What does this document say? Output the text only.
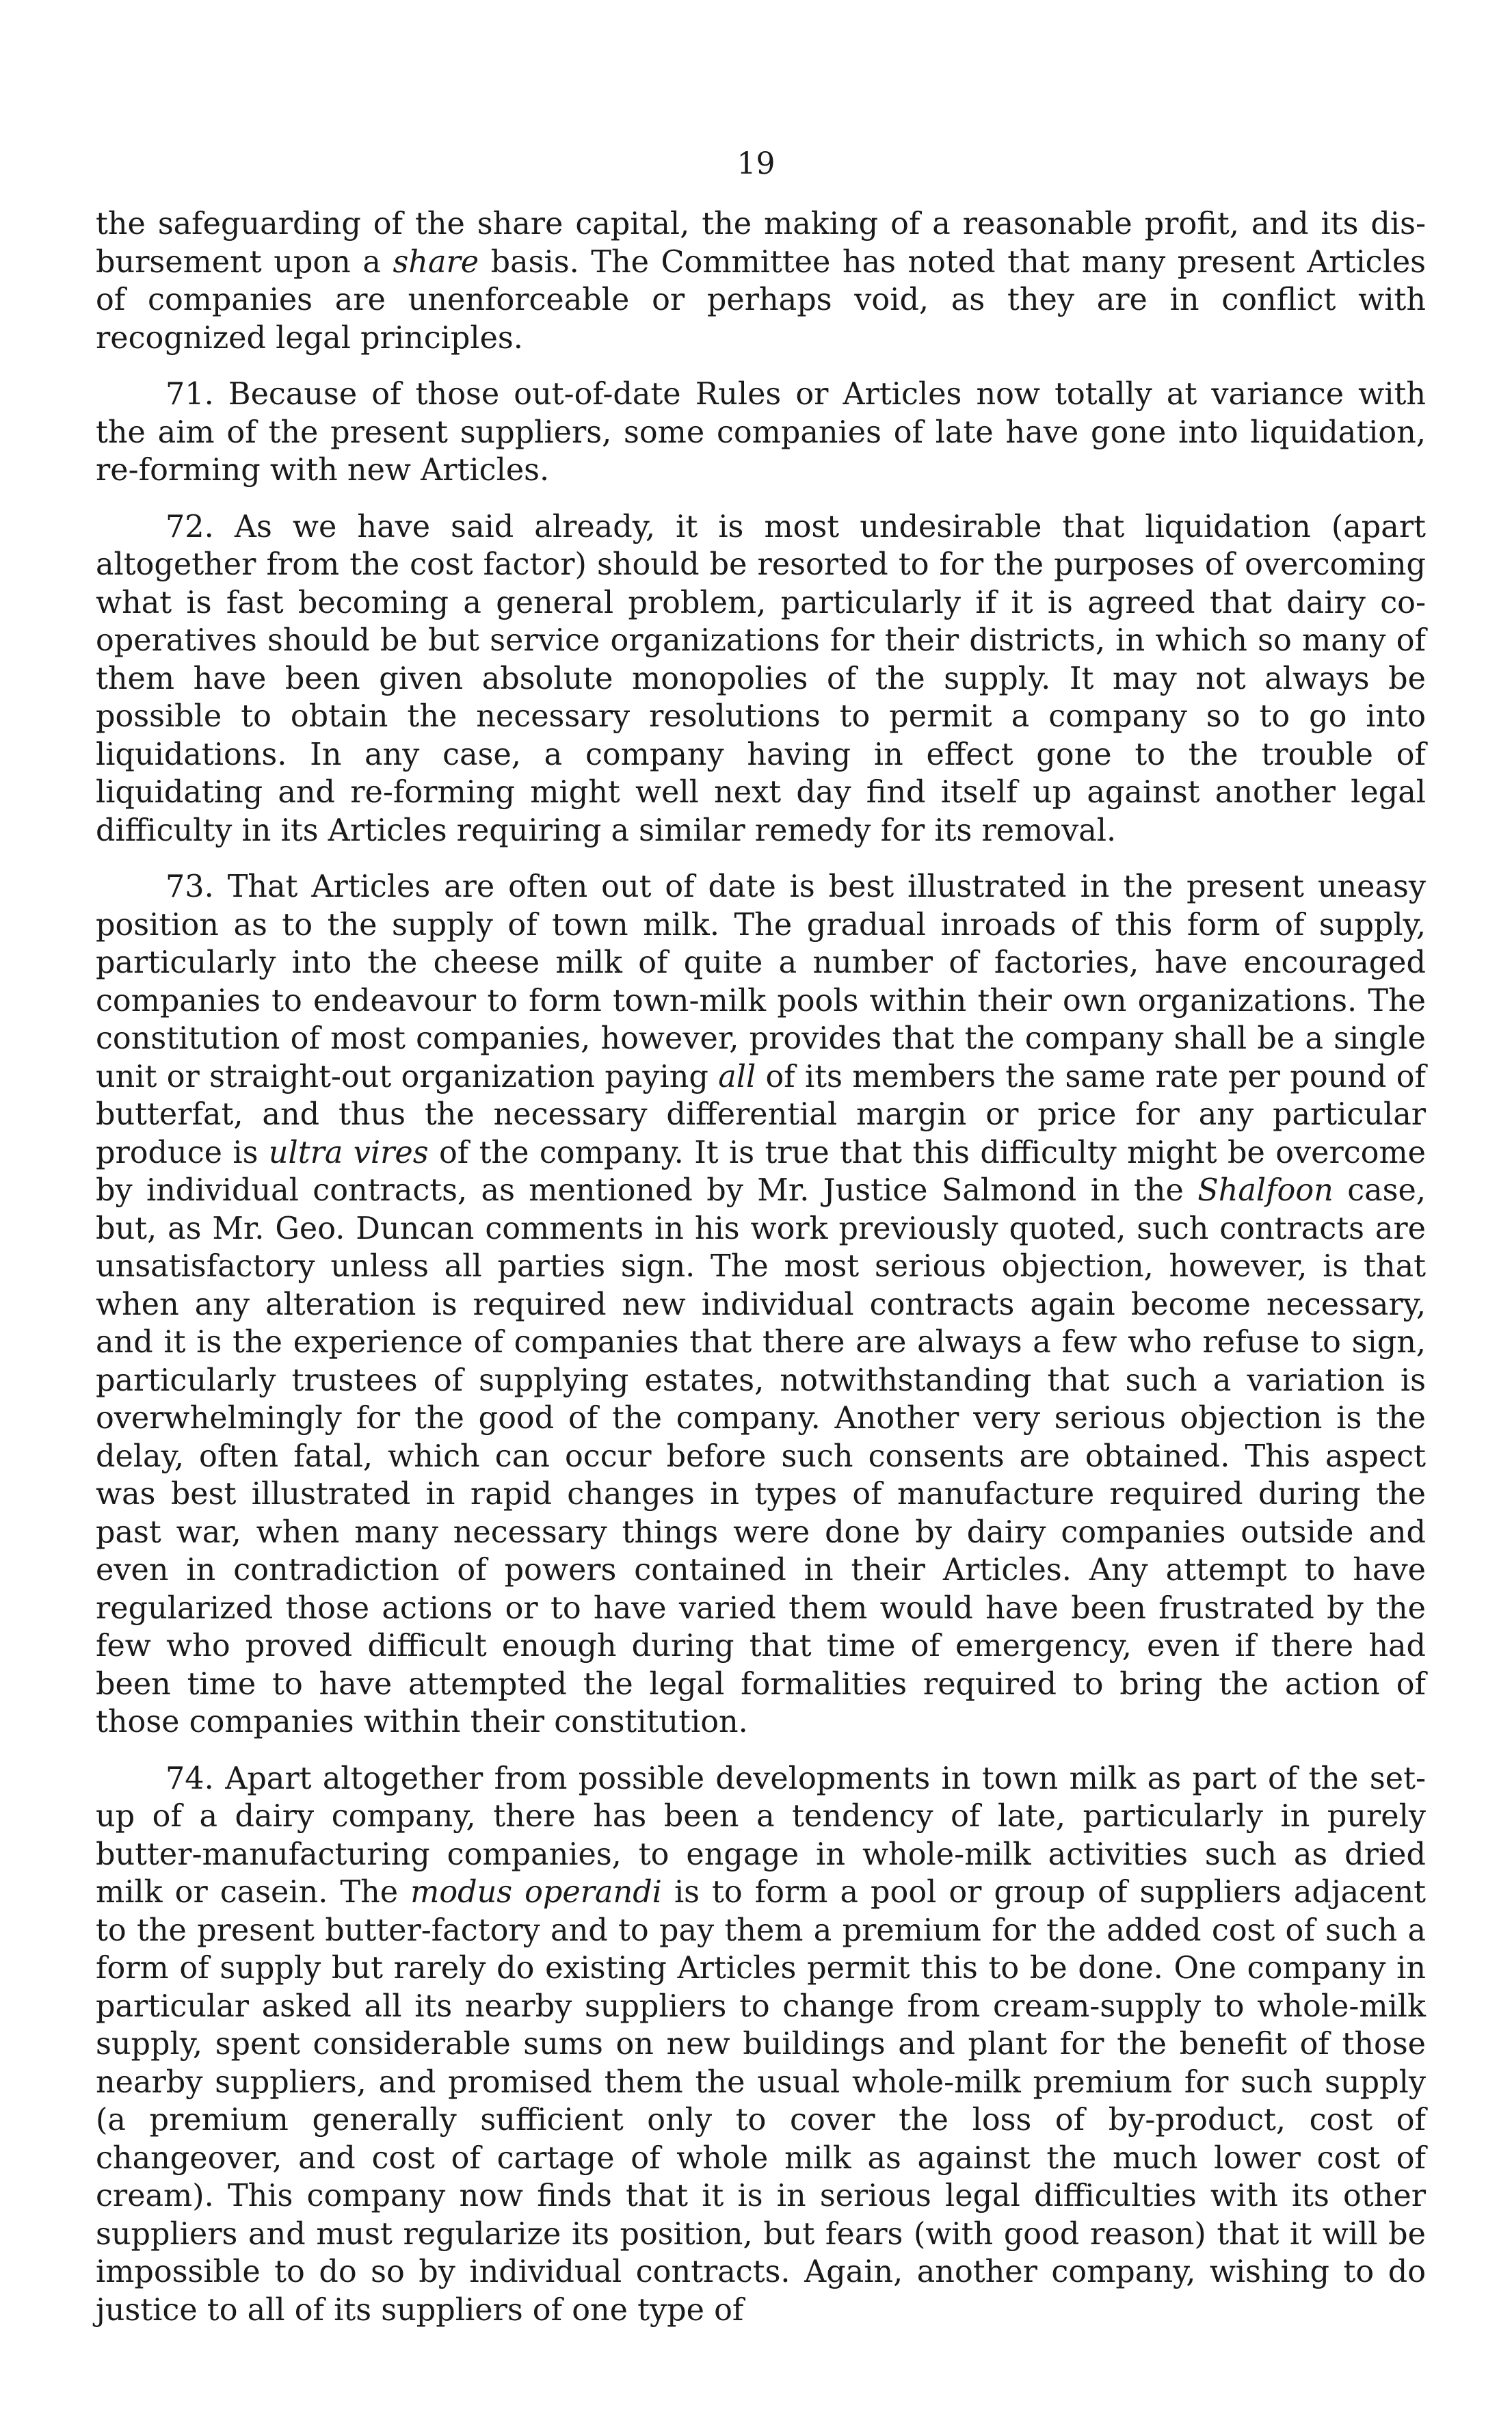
19

the safeguarding of the share capital, the making of a reasonable profit, and its disbursement upon a share basis. The Committee has noted that many present Articles of companies are unenforceable or perhaps void, as they are in conflict with recognized legal principles.

71. Because of those out-of-date Rules or Articles now totally at variance with the aim of the present suppliers, some companies of late have gone into liquidation, re-forming with new Articles.

72. As we have said already, it is most undesirable that liquidation (apart altogether from the cost factor) should be resorted to for the purposes of overcoming what is fast becoming a general problem, particularly if it is agreed that dairy co-operatives should be but service organizations for their districts, in which so many of them have been given absolute monopolies of the supply. It may not always be possible to obtain the necessary resolutions to permit a company so to go into liquidations. In any case, a company having in effect gone to the trouble of liquidating and re-forming might well next day find itself up against another legal difficulty in its Articles requiring a similar remedy for its removal.

73. That Articles are often out of date is best illustrated in the present uneasy position as to the supply of town milk. The gradual inroads of this form of supply, particularly into the cheese milk of quite a number of factories, have encouraged companies to endeavour to form town-milk pools within their own organizations. The constitution of most companies, however, provides that the company shall be a single unit or straight-out organization paying all of its members the same rate per pound of butterfat, and thus the necessary differential margin or price for any particular produce is ultra vires of the company. It is true that this difficulty might be overcome by individual contracts, as mentioned by Mr. Justice Salmond in the Shalfoon case, but, as Mr. Geo. Duncan comments in his work previously quoted, such contracts are unsatisfactory unless all parties sign. The most serious objection, however, is that when any alteration is required new individual contracts again become necessary, and it is the experience of companies that there are always a few who refuse to sign, particularly trustees of supplying estates, notwithstanding that such a variation is overwhelmingly for the good of the company. Another very serious objection is the delay, often fatal, which can occur before such consents are obtained. This aspect was best illustrated in rapid changes in types of manufacture required during the past war, when many necessary things were done by dairy companies outside and even in contradiction of powers contained in their Articles. Any attempt to have regularized those actions or to have varied them would have been frustrated by the few who proved difficult enough during that time of emergency, even if there had been time to have attempted the legal formalities required to bring the action of those companies within their constitution.

74. Apart altogether from possible developments in town milk as part of the set-up of a dairy company, there has been a tendency of late, particularly in purely butter-manufacturing companies, to engage in whole-milk activities such as dried milk or casein. The modus operandi is to form a pool or group of suppliers adjacent to the present butter-factory and to pay them a premium for the added cost of such a form of supply but rarely do existing Articles permit this to be done. One company in particular asked all its nearby suppliers to change from cream-supply to whole-milk supply, spent considerable sums on new buildings and plant for the benefit of those nearby suppliers, and promised them the usual whole-milk premium for such supply (a premium generally sufficient only to cover the loss of by-product, cost of changeover, and cost of cartage of whole milk as against the much lower cost of cream). This company now finds that it is in serious legal difficulties with its other suppliers and must regularize its position, but fears (with good reason) that it will be impossible to do so by individual contracts. Again, another company, wishing to do justice to all of its suppliers of one type of
